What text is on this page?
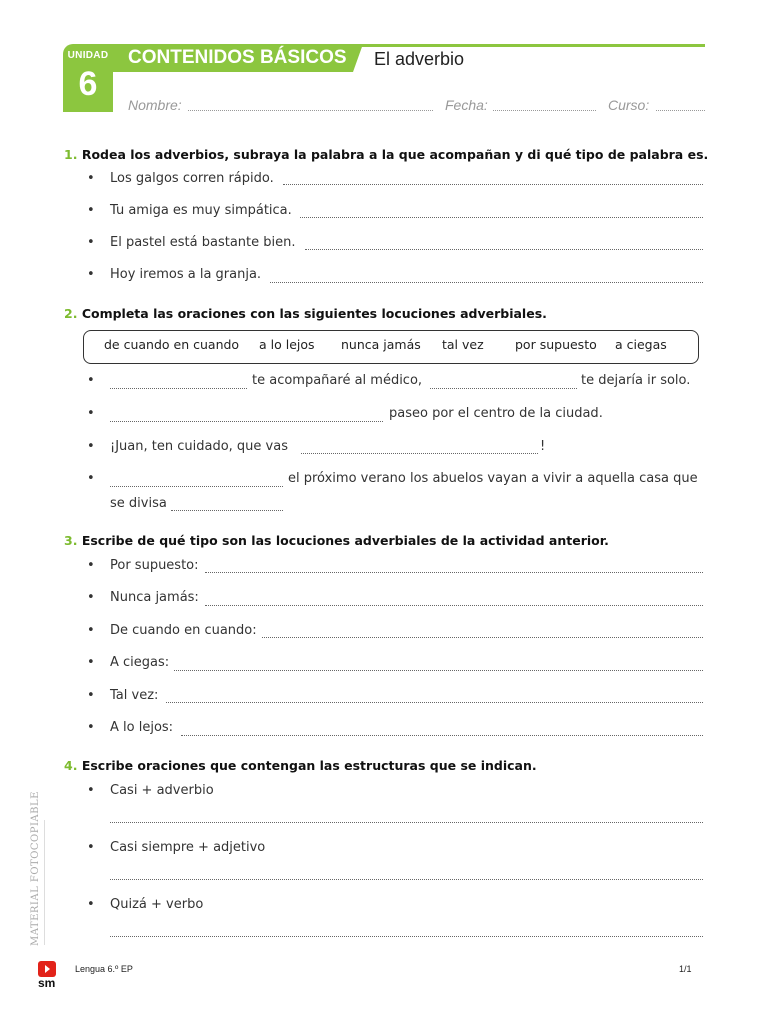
UNIDAD
6
CONTENIDOS BÁSICOS El adverbio
Nombre:	Fecha:	Curso:
1. Rodea los adverbios, subraya la palabra a la que acompañan y di qué tipo de palabra es.
• Los galgos corren rápido.
• Tu amiga es muy simpática.
• El pastel está bastante bien.
• Hoy iremos a la granja.
2. Completa las oraciones con las siguientes locuciones adverbiales.
de cuando en cuando a lo lejos nunca jamás tal vez	por supuesto a ciegas
•	te acompañaré al médico,	te dejaría ir solo.
•	paseo por el centro de la ciudad.
• ¡Juan, ten cuidado, que vas	!
•	el próximo verano los abuelos vayan a vivir a aquella casa que
se divisa
3. Escribe de qué tipo son las locuciones adverbiales de la actividad anterior.
• Por supuesto:
• Nunca jamás:
• De cuando en cuando:
• A ciegas:
• Tal vez:
• A lo lejos:
4. Escribe oraciones que contengan las estructuras que se indican.
• Casi + adverbio
• Casi siempre + adjetivo
• Quizá + verbo
MATERIAL FOTOCOPIABLE
sm
Lengua 6.º EP	1/1
